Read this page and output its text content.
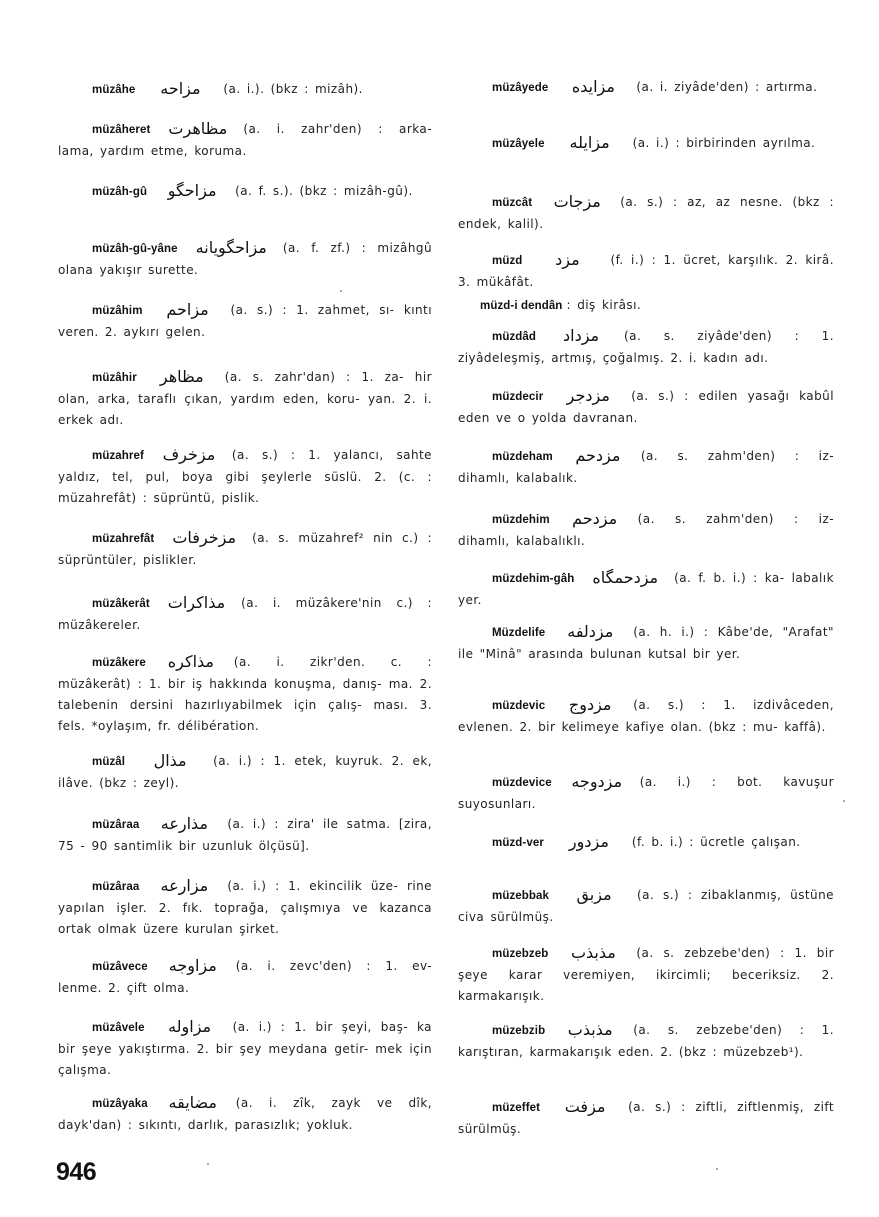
müzâhe مزاحه (a. i.). (bkz : mizâh).
müzâheret مظاهرت (a. i. zahr'den) : arka- lama, yardım etme, koruma.
müzâh-gû مزاحگو (a. f. s.). (bkz : mizâh-gû).
müzâh-gû-yâne مزاحگویانه (a. f. zf.) : mizâhgû olana yakışır surette.
müzâhim مزاحم (a. s.) : 1. zahmet, sı- kıntı veren. 2. aykırı gelen.
müzâhir مظاهر (a. s. zahr'dan) : 1. za- hir olan, arka, taraflı çıkan, yardım eden, koru- yan. 2. i. erkek adı.
müzahref مزخرف (a. s.) : 1. yalancı, sahte yaldız, tel, pul, boya gibi şeylerle süslü. 2. (c. : müzahrefât) : süprüntü, pislik.
müzahrefât مزخرفات (a. s. müzahref² nin c.) : süprüntüler, pislikler.
müzâkerât مذاكرات (a. i. müzâkere'nin c.) : müzâkereler.
müzâkere مذاكره (a. i. zikr'den. c. : müzâkerât) : 1. bir iş hakkında konuşma, danış- ma. 2. talebenin dersini hazırlıyabilmek için çalış- ması. 3. fels. *oylaşım, fr. délibération.
müzâl مذال (a. i.) : 1. etek, kuyruk. 2. ek, ilâve. (bkz : zeyl).
müzâraa مذارعه (a. i.) : zira' ile satma. [zira, 75 - 90 santimlik bir uzunluk ölçüsü].
müzâraa مزارعه (a. i.) : 1. ekincilik üze- rine yapılan işler. 2. fık. toprağa, çalışmıya ve kazanca ortak olmak üzere kurulan şirket.
müzâvece مزاوجه (a. i. zevc'den) : 1. ev- lenme. 2. çift olma.
müzâvele مزاوله (a. i.) : 1. bir şeyi, baş- ka bir şeye yakıştırma. 2. bir şey meydana getir- mek için çalışma.
müzâyaka مضايقه (a. i. zîk, zayk ve dîk, dayk'dan) : sıkıntı, darlık, parasızlık; yokluk.
müzâyede مزايده (a. i. ziyâde'den) : artırma.
müzâyele مزايله (a. i.) : birbirinden ayrılma.
müzcât مزجات (a. s.) : az, az nesne. (bkz : endek, kalil).
müzd مزد	(f. i.) : 1. ücret, karşılık. 2. kirâ. 3. mükâfât.
müzd-i dendân : diş kirâsı.
müzdâd مزداد (a. s. ziyâde'den) : 1. ziyâdeleşmiş, artmış, çoğalmış. 2. i. kadın adı.
müzdecir مزدجر (a. s.) : edilen yasağı kabûl eden ve o yolda davranan.
müzdeham مزدحم (a. s. zahm'den) : iz- dihamlı, kalabalık.
müzdehim مزدحم (a. s. zahm'den) : iz- dihamlı, kalabalıklı.
müzdehim-gâh مزدحمگاه (a. f. b. i.) : ka- labalık yer.
Müzdelife مزدلفه (a. h. i.) : Kâbe'de, "Arafat" ile "Minâ" arasında bulunan kutsal bir yer.
müzdevic مزدوج (a. s.) : 1. izdivâceden, evlenen. 2. bir kelimeye kafiye olan. (bkz : mu- kaffâ).
müzdevice مزدوجه (a. i.) : bot. kavuşur suyosunları.
müzd-ver مزدور (f. b. i.) : ücretle çalışan.
müzebbak مزبق (a. s.) : zibaklanmış, üstüne civa sürülmüş.
müzebzeb مذبذب (a. s. zebzebe'den) : 1. bir şeye karar veremiyen, ikircimli; beceriksiz. 2. karmakarışık.
müzebzib مذبذب (a. s. zebzebe'den) : 1. karıştıran, karmakarışık eden. 2. (bkz : müzebzeb¹).
müzeffet مزفت (a. s.) : ziftli, ziftlenmiş, zift sürülmüş.
946
